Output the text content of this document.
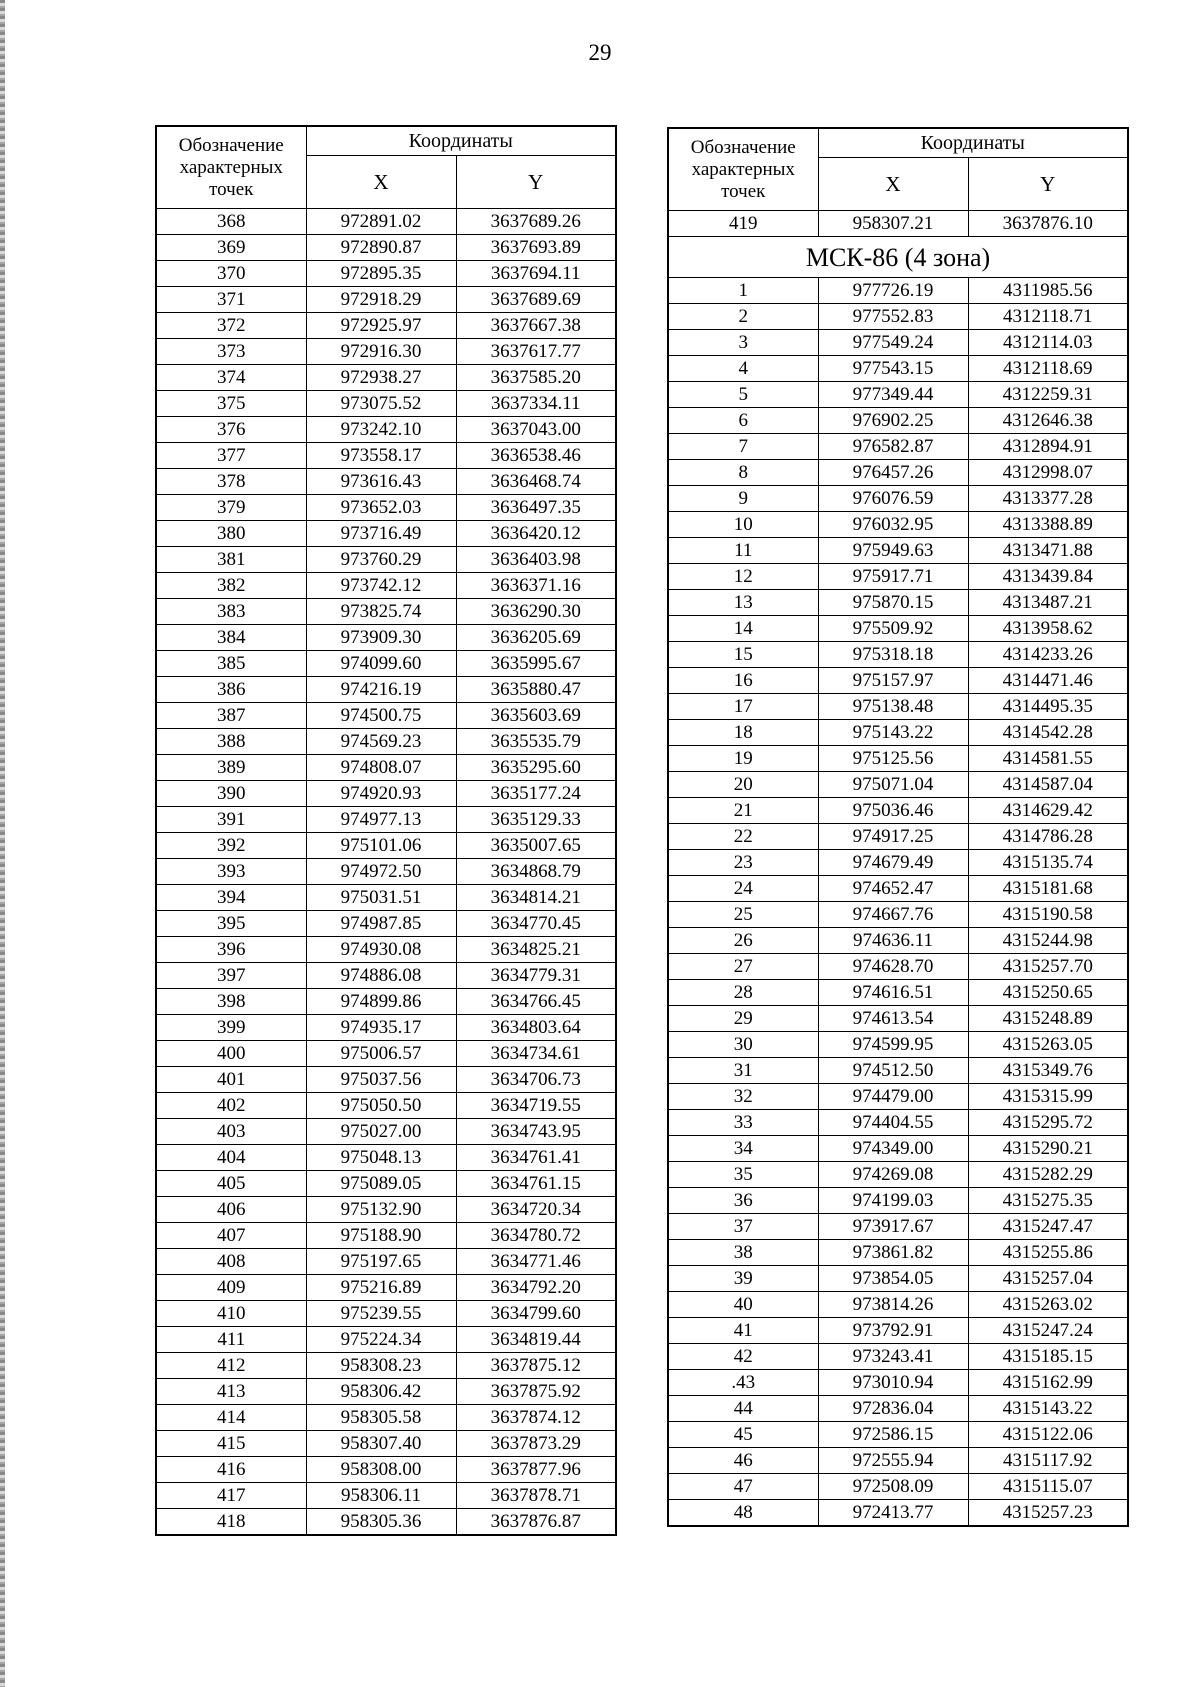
29
Обозначение характерных точек	Координаты	
	X	Y
368	972891.02	3637689.26
369	972890.87	3637693.89
370	972895.35	3637694.11
371	972918.29	3637689.69
372	972925.97	3637667.38
373	972916.30	3637617.77
374	972938.27	3637585.20
375	973075.52	3637334.11
376	973242.10	3637043.00
377	973558.17	3636538.46
378	973616.43	3636468.74
379	973652.03	3636497.35
380	973716.49	3636420.12
381	973760.29	3636403.98
382	973742.12	3636371.16
383	973825.74	3636290.30
384	973909.30	3636205.69
385	974099.60	3635995.67
386	974216.19	3635880.47
387	974500.75	3635603.69
388	974569.23	3635535.79
389	974808.07	3635295.60
390	974920.93	3635177.24
391	974977.13	3635129.33
392	975101.06	3635007.65
393	974972.50	3634868.79
394	975031.51	3634814.21
395	974987.85	3634770.45
396	974930.08	3634825.21
397	974886.08	3634779.31
398	974899.86	3634766.45
399	974935.17	3634803.64
400	975006.57	3634734.61
401	975037.56	3634706.73
402	975050.50	3634719.55
403	975027.00	3634743.95
404	975048.13	3634761.41
405	975089.05	3634761.15
406	975132.90	3634720.34
407	975188.90	3634780.72
408	975197.65	3634771.46
409	975216.89	3634792.20
410	975239.55	3634799.60
411	975224.34	3634819.44
412	958308.23	3637875.12
413	958306.42	3637875.92
414	958305.58	3637874.12
415	958307.40	3637873.29
416	958308.00	3637877.96
417	958306.11	3637878.71
418	958305.36	3637876.87
Обозначение характерных точек	Координаты	
	X	Y
419	958307.21	3637876.10
МСК-86 (4 зона)		
1	977726.19	4311985.56
2	977552.83	4312118.71
3	977549.24	4312114.03
4	977543.15	4312118.69
5	977349.44	4312259.31
6	976902.25	4312646.38
7	976582.87	4312894.91
8	976457.26	4312998.07
9	976076.59	4313377.28
10	976032.95	4313388.89
11	975949.63	4313471.88
12	975917.71	4313439.84
13	975870.15	4313487.21
14	975509.92	4313958.62
15	975318.18	4314233.26
16	975157.97	4314471.46
17	975138.48	4314495.35
18	975143.22	4314542.28
19	975125.56	4314581.55
20	975071.04	4314587.04
21	975036.46	4314629.42
22	974917.25	4314786.28
23	974679.49	4315135.74
24	974652.47	4315181.68
25	974667.76	4315190.58
26	974636.11	4315244.98
27	974628.70	4315257.70
28	974616.51	4315250.65
29	974613.54	4315248.89
30	974599.95	4315263.05
31	974512.50	4315349.76
32	974479.00	4315315.99
33	974404.55	4315295.72
34	974349.00	4315290.21
35	974269.08	4315282.29
36	974199.03	4315275.35
37	973917.67	4315247.47
38	973861.82	4315255.86
39	973854.05	4315257.04
40	973814.26	4315263.02
41	973792.91	4315247.24
42	973243.41	4315185.15
.43	973010.94	4315162.99
44	972836.04	4315143.22
45	972586.15	4315122.06
46	972555.94	4315117.92
47	972508.09	4315115.07
48	972413.77	4315257.23
